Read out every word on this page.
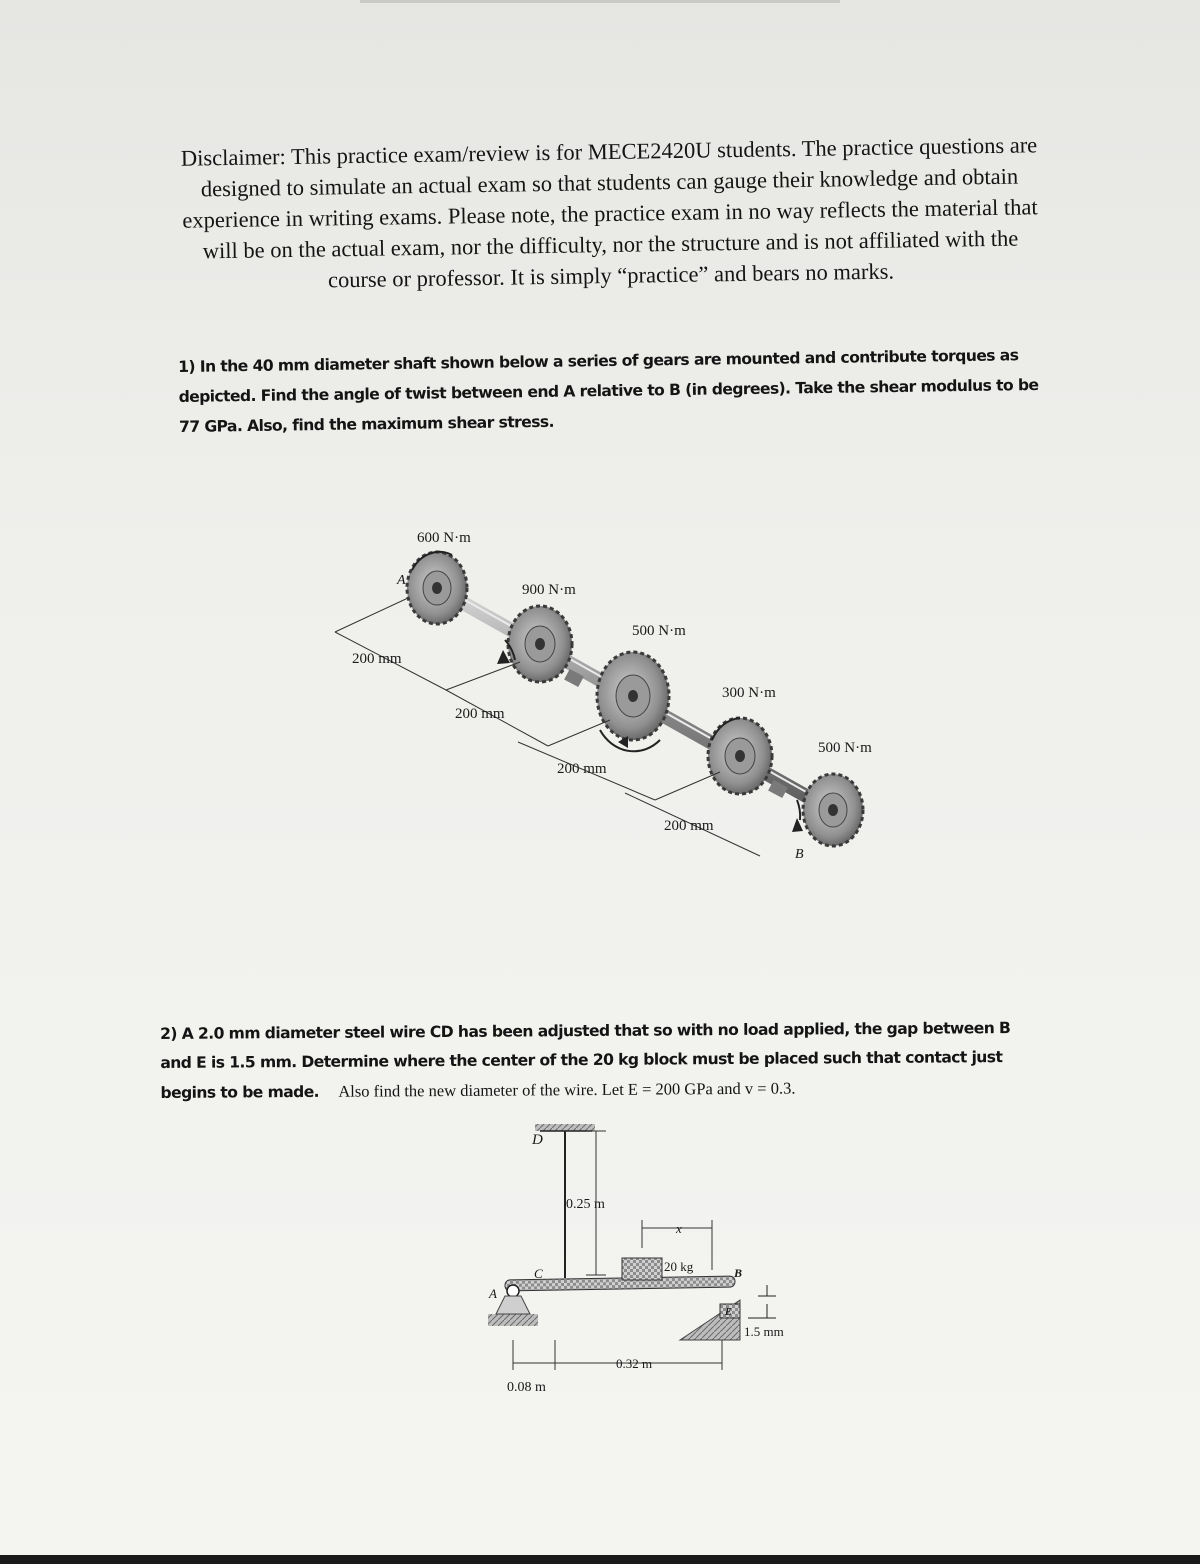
Disclaimer: This practice exam/review is for MECE2420U students. The practice questions are
designed to simulate an actual exam so that students can gauge their knowledge and obtain
experience in writing exams. Please note, the practice exam in no way reflects the material that
will be on the actual exam, nor the difficulty, nor the structure and is not affiliated with the
course or professor. It is simply “practice” and bears no marks.
1) In the 40 mm diameter shaft shown below a series of gears are mounted and contribute torques as
depicted. Find the angle of twist between end A relative to B (in degrees). Take the shear modulus to be
77 GPa. Also, find the maximum shear stress.
600 N·m
900 N·m
500 N·m
300 N·m
500 N·m
200 mm
200 mm
200 mm
200 mm
A
B
2) A 2.0 mm diameter steel wire CD has been adjusted that so with no load applied, the gap between B
and E is 1.5 mm. Determine where the center of the 20 kg block must be placed such that contact just
begins to be made. Also find the new diameter of the wire. Let E = 200 GPa and v = 0.3.
D
C
A
B
E
x
0.25 m
20 kg
1.5 mm
0.32 m
0.08 m
